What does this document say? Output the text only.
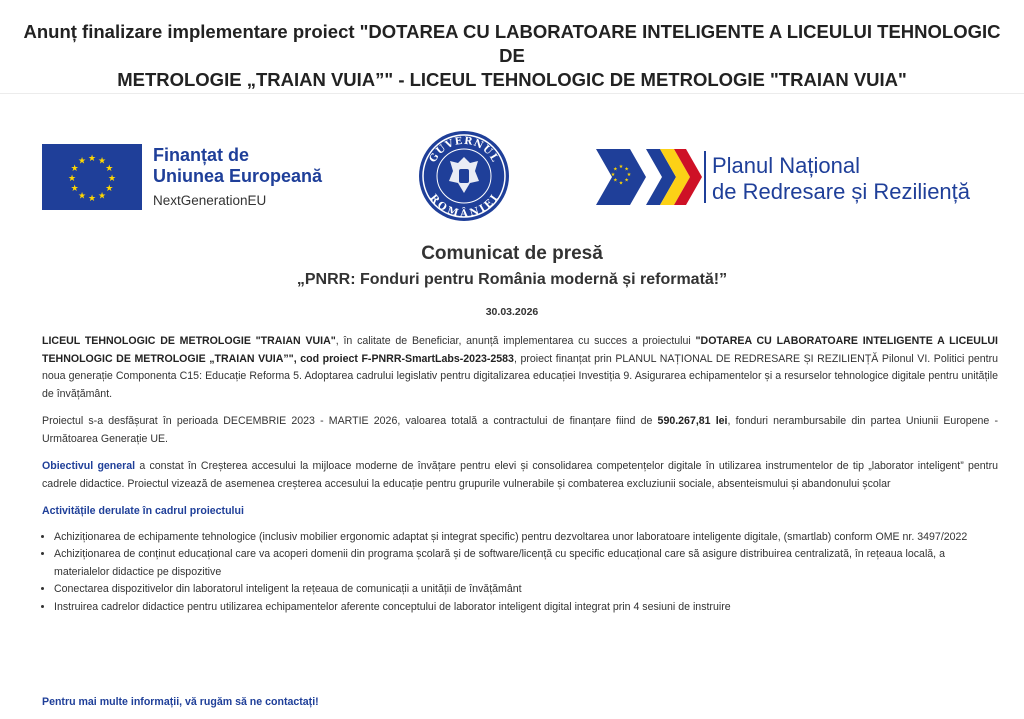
Anunț finalizare implementare proiect "DOTAREA CU LABORATOARE INTELIGENTE A LICEULUI TEHNOLOGIC DE
METROLOGIE „TRAIAN VUIA”" - LICEUL TEHNOLOGIC DE METROLOGIE "TRAIAN VUIA"
★ ★
★
★
★
★
★
★
★
★
★
★	Finanțat de
Uniunea Europeană
NextGenerationEU
GUVERNUL
ROMÂNIEI
★ ★
★
★
★
★
★
★	Planul Național
de Redresare și Reziliență
Comunicat de presă
„PNRR: Fonduri pentru România modernă și reformată!”
30.03.2026

LICEUL TEHNOLOGIC DE METROLOGIE "TRAIAN VUIA", în calitate de Beneficiar, anunță implementarea cu succes a proiectului "DOTAREA CU LABORATOARE INTELIGENTE A LICEULUI TEHNOLOGIC DE METROLOGIE „TRAIAN VUIA”", cod proiect F-PNRR-SmartLabs-2023-2583, proiect finanțat prin PLANUL NAȚIONAL DE REDRESARE ȘI REZILIENȚĂ Pilonul VI. Politici pentru noua generație Componenta C15: Educație Reforma 5. Adoptarea cadrului legislativ pentru digitalizarea educației Investiția 9. Asigurarea echipamentelor și a resurselor tehnologice digitale pentru unitățile de învățământ.

Proiectul s-a desfășurat în perioada DECEMBRIE 2023 - MARTIE 2026, valoarea totală a contractului de finanțare fiind de 590.267,81 lei, fonduri nerambursabile din partea Uniunii Europene - Următoarea Generație UE.

Obiectivul general a constat în Creșterea accesului la mijloace moderne de învățare pentru elevi și consolidarea competențelor digitale în utilizarea instrumentelor de tip „laborator inteligent” pentru cadrele didactice. Proiectul vizează de asemenea creșterea accesului la educație pentru grupurile vulnerabile și combaterea excluziunii sociale, absenteismului și abandonului școlar

Activitățile derulate în cadrul proiectului
• Achiziționarea de echipamente tehnologice (inclusiv mobilier ergonomic adaptat și integrat specific) pentru dezvoltarea unor laboratoare inteligente digitale, (smartlab) conform OME nr. 3497/2022
• Achiziționarea de conținut educațional care va acoperi domenii din programa școlară și de software/licență cu specific educațional care să asigure distribuirea centralizată, în rețeaua locală, a materialelor didactice pe dispozitive
• Conectarea dispozitivelor din laboratorul inteligent la rețeaua de comunicații a unității de învățământ
• Instruirea cadrelor didactice pentru utilizarea echipamentelor aferente conceptului de laborator inteligent digital integrat prin 4 sesiuni de instruire
Pentru mai multe informații, vă rugăm să ne contactați!
